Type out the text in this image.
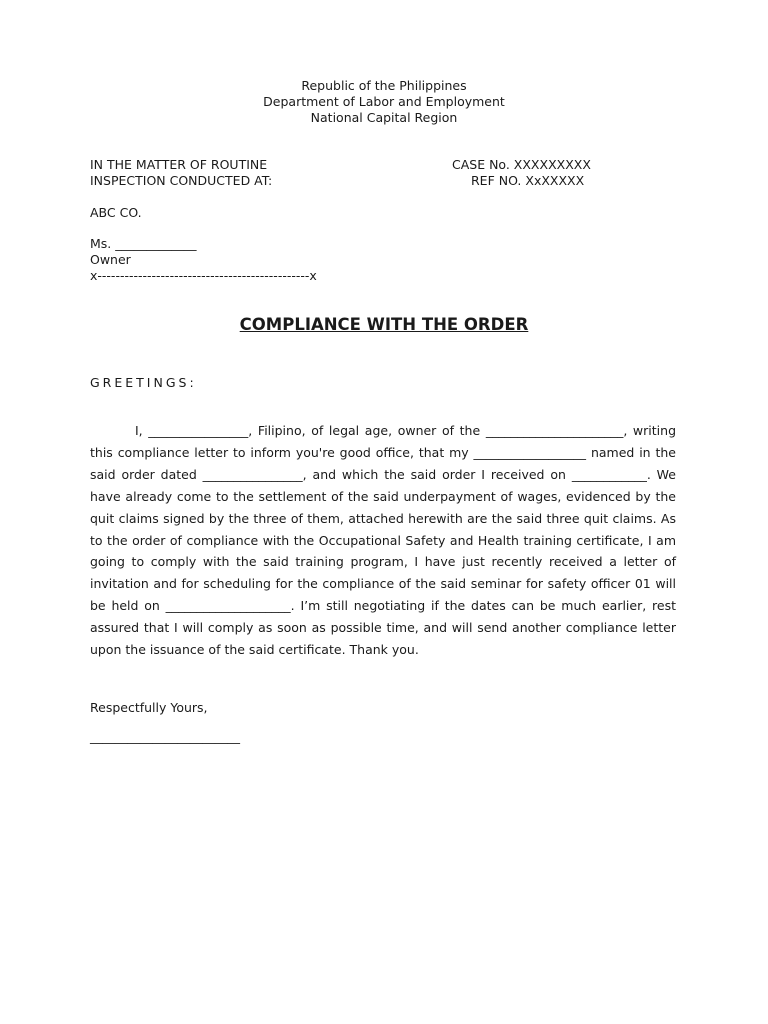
Republic of the Philippines
Department of Labor and Employment
National Capital Region
IN THE MATTER OF ROUTINE
INSPECTION CONDUCTED AT:
CASE No. XXXXXXXXX
REF NO. XxXXXXX
ABC CO.
Ms. _____________
Owner
x-----------------------------------------------x
COMPLIANCE WITH THE ORDER
GREETINGS:

I, ________________, Filipino, of legal age, owner of the ______________________, writing this compliance letter to inform you're good office, that my __________________ named in the said order dated ________________, and which the said order I received on ____________. We have already come to the settlement of the said underpayment of wages, evidenced by the quit claims signed by the three of them, attached herewith are the said three quit claims. As to the order of compliance with the Occupational Safety and Health training certificate, I am going to comply with the said training program, I have just recently received a letter of invitation and for scheduling for the compliance of the said seminar for safety officer 01 will be held on ____________________. I’m still negotiating if the dates can be much earlier, rest assured that I will comply as soon as possible time, and will send another compliance letter upon the issuance of the said certificate. Thank you.

Respectfully Yours,
________________________
